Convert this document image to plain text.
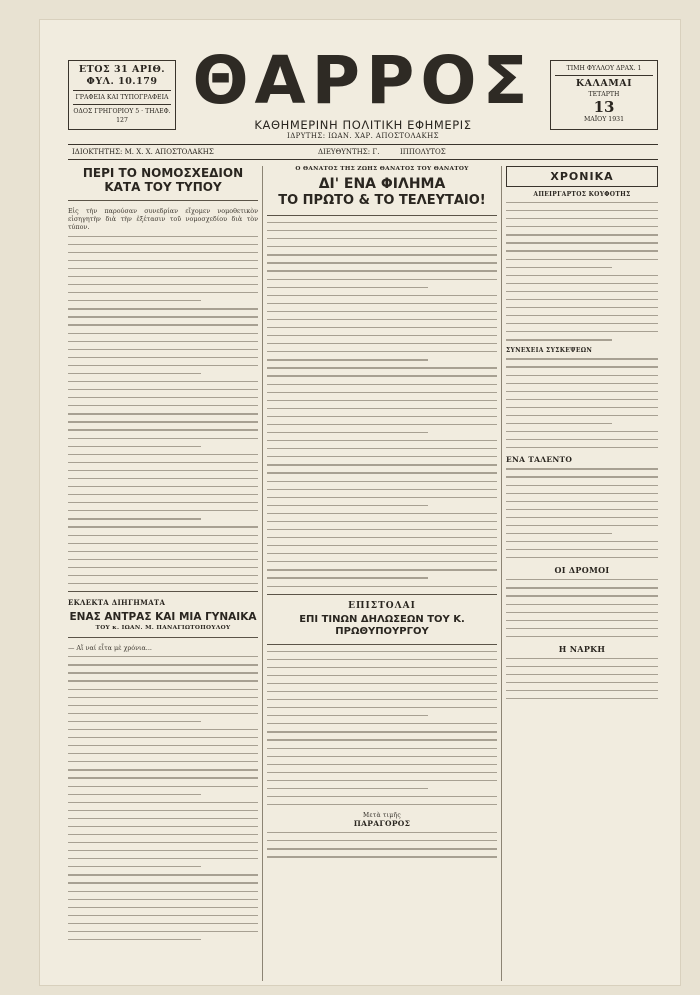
ΕΤΟΣ 31 ΑΡΙΘ. ΦΥΛ. 10.179
ΓΡΑΦΕΙΑ ΚΑΙ ΤΥΠΟΓΡΑΦΕΙΑ
ΟΔΟΣ ΓΡΗΓΟΡΙΟΥ 5 · ΤΗΛΕΦ. 127
ΘΑΡΡΟΣ
ΚΑΘΗΜΕΡΙΝΗ ΠΟΛΙΤΙΚΗ ΕΦΗΜΕΡΙΣ
ΙΔΡΥΤΗΣ: ΙΩΑΝ. ΧΑΡ. ΑΠΟΣΤΟΛΑΚΗΣ
ΤΙΜΗ ΦΥΛΛΟΥ ΔΡΑΧ. 1
ΚΑΛΑΜΑΙ
ΤΕΤΑΡΤΗ
13
ΜΑΪΟΥ 1931
ΙΔΙΟΚΤΗΤΗΣ: Μ. Χ. Χ. ΑΠΟΣΤΟΛΑΚΗΣ	ΔΙΕΥΘΥΝΤΗΣ: Γ.	ΙΠΠΟΛΥΤΟΣ
ΠΕΡΙ ΤΟ ΝΟΜΟΣΧΕΔΙΟΝ ΚΑΤΑ ΤΟΥ ΤΥΠΟΥ
Εἰς τὴν παρούσαν συνεδρίαν εἴχομεν νομοθετικὸν εἰσηγητὴν διὰ τὴν ἐξέτασιν τοῦ νομοσχεδίου διὰ τὸν τύπον.
ΕΚΛΕΚΤΑ ΔΙΗΓΗΜΑΤΑ
ΕΝΑΣ ΑΝΤΡΑΣ ΚΑΙ ΜΙΑ ΓΥΝΑΙΚΑ
ΤΟΥ κ. ΙΩΑΝ. Μ. ΠΑΝΑΓΙΩΤΟΠΟΥΛΟΥ
— Αἴ ναί εἶτα μὲ χρόνια...
Ο ΘΑΝΑΤΟΣ ΤΗΣ ΖΩΗΣ ΘΑΝΑΤΟΣ ΤΟΥ ΘΑΝΑΤΟΥ
ΔΙ' ΕΝΑ ΦΙΛΗΜΑ
ΤΟ ΠΡΩΤΟ & ΤΟ ΤΕΛΕΥΤΑΙΟ!
ΕΠΙΣΤΟΛΑΙ
ΕΠΙ ΤΙΝΩΝ ΔΗΛΩΣΕΩΝ ΤΟΥ Κ. ΠΡΩΘΥΠΟΥΡΓΟΥ
Μετὰ τιμῆς
ΠΑΡΑΓΟΡΟΣ
ΧΡΟΝΙΚΑ
ΑΠΕΙΡΓΑΡΤΟΣ ΚΟΥΦΟΤΗΣ
ΣΥΝΕΧΕΙΑ ΣΥΣΚΕΨΕΩΝ
ΕΝΑ ΤΑΛΕΝΤΟ
ΟΙ ΔΡΟΜΟΙ
Η ΝΑΡΚΗ
